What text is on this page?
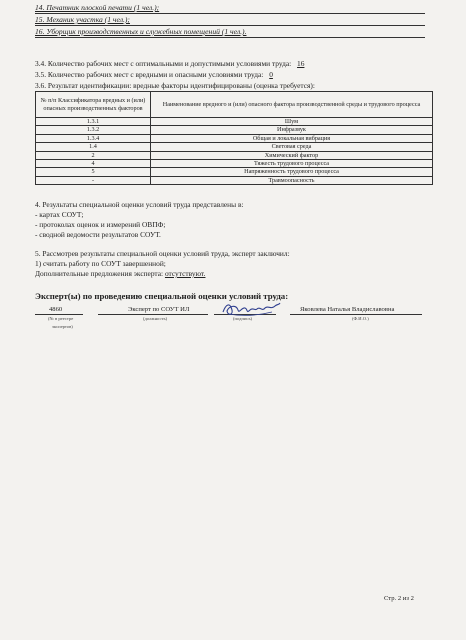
14. Печатник плоской печати (1 чел.);
15. Механик участка (1 чел.);
16. Уборщик производственных и служебных помещений (1 чел.).
3.4. Количество рабочих мест с оптимальными и допустимыми условиями труда: 16
3.5. Количество рабочих мест с вредными и опасными условиями труда: 0
3.6. Результат идентификации: вредные факторы идентифицированы (оценка требуется):
№ п/п Классификатора вредных и (или) опасных производственных факторов	Наименование вредного и (или) опасного фактора производственной среды и трудового процесса
1.3.1	Шум
1.3.2	Инфразвук
1.3.4	Общая и локальная вибрация
1.4	Световая среда
2	Химический фактор
4	Тяжесть трудового процесса
5	Напряженность трудового процесса
-	Травмоопасность
4. Результаты специальной оценки условий труда представлены в:
- картах СОУТ;
- протоколах оценок и измерений ОВПФ;
- сводной ведомости результатов СОУТ.
5. Рассмотрев результаты специальной оценки условий труда, эксперт заключил:
1) считать работу по СОУТ завершенной;
Дополнительные предложения эксперта: отсутствуют.
Эксперт(ы) по проведению специальной оценки условий труда:
4860	Эксперт по СОУТ ИЛ	Яковлева Наталья Владиславовна
(№ в реестре
экспертов)
(должность)	(подпись)	(Ф.И.О.)
Стр. 2 из 2
